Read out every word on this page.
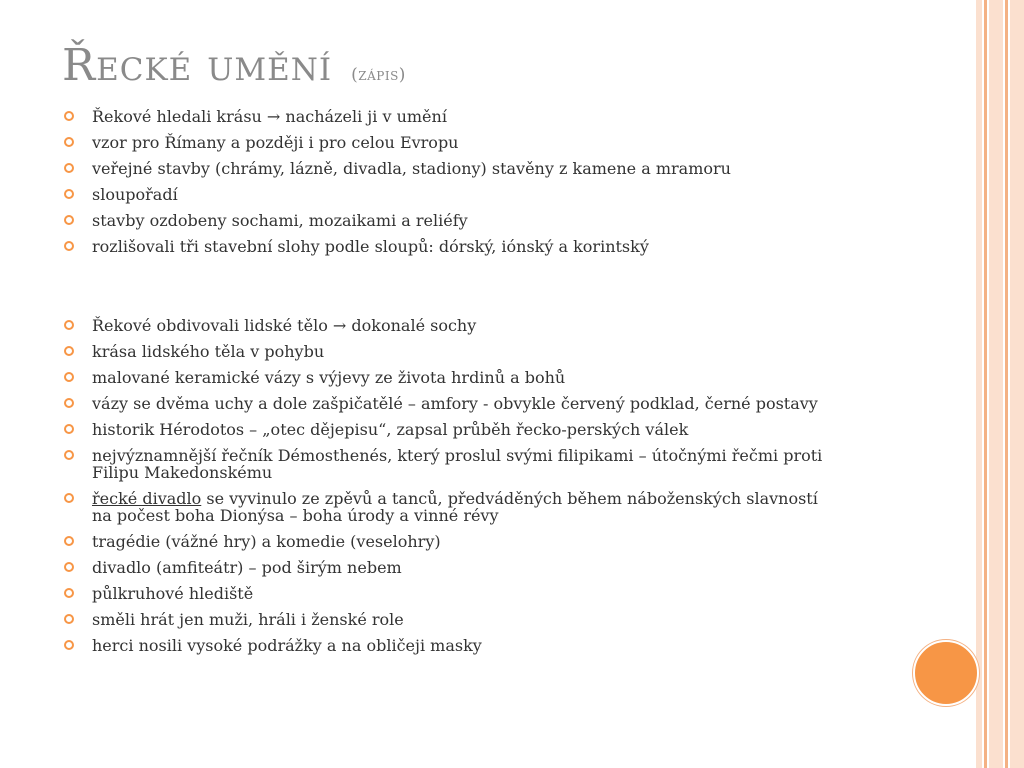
Řecké umění (zápis)
Řekové hledali krásu → nacházeli ji v umění
vzor pro Římany a později i pro celou Evropu
veřejné stavby (chrámy, lázně, divadla, stadiony) stavěny z kamene a mramoru
sloupořadí
stavby ozdobeny sochami, mozaikami a reliéfy
rozlišovali tři stavební slohy podle sloupů: dórský, iónský a korintský
Řekové obdivovali lidské tělo → dokonalé sochy
krása lidského těla v pohybu
malované keramické vázy s výjevy ze života hrdinů a bohů
vázy se dvěma uchy a dole zašpičatělé – amfory - obvykle červený podklad, černé postavy
historik Hérodotos – „otec dějepisu“, zapsal průběh řecko-perských válek
nejvýznamnější řečník Démosthenés, který proslul svými filipikami – útočnými řečmi proti
Filipu Makedonskému
řecké divadlo se vyvinulo ze zpěvů a tanců, předváděných během náboženských slavností
na počest boha Dionýsa – boha úrody a vinné révy
tragédie (vážné hry) a komedie (veselohry)
divadlo (amfiteátr) – pod širým nebem
půlkruhové hlediště
směli hrát jen muži, hráli i ženské role
herci nosili vysoké podrážky a na obličeji masky
